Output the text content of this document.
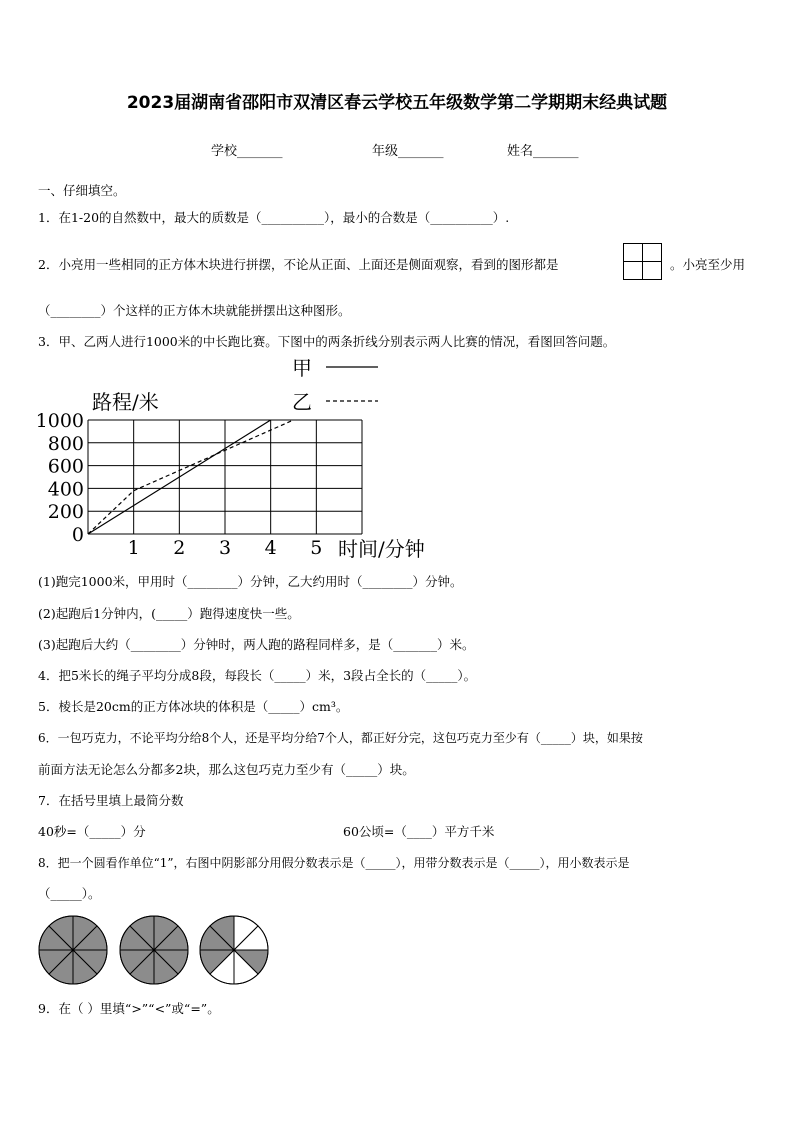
2023届湖南省邵阳市双清区春云学校五年级数学第二学期期末经典试题
学校_______	年级_______	姓名_______
一、仔细填空。
1．在1-20的自然数中，最大的质数是（__________），最小的合数是（__________）.
2．小亮用一些相同的正方体木块进行拼摆，不论从正面、上面还是侧面观察，看到的图形都是	。小亮至少用
（________）个这样的正方体木块就能拼摆出这种图形。
3．甲、乙两人进行1000米的中长跑比赛。下图中的两条折线分别表示两人比赛的情况，看图回答问题。
0
200
400
600
800
1000
1 2 3 4 5
路程/米
时间/分钟
甲
乙
(1)跑完1000米，甲用时（________）分钟，乙大约用时（________）分钟。
(2)起跑后1分钟内，(_____）跑得速度快一些。
(3)起跑后大约（________）分钟时，两人跑的路程同样多，是（_______）米。
4．把5米长的绳子平均分成8段，每段长（_____）米，3段占全长的（_____）。
5．棱长是20cm的正方体冰块的体积是（_____）cm³。
6．一包巧克力，不论平均分给8个人，还是平均分给7个人，都正好分完，这包巧克力至少有（_____）块，如果按
前面方法无论怎么分都多2块，那么这包巧克力至少有（_____）块。
7．在括号里填上最简分数
40秒=（_____）分	60公顷=（____）平方千米
8．把一个圆看作单位“1”，右图中阴影部分用假分数表示是（_____），用带分数表示是（_____），用小数表示是
（_____）。
9．在（ ）里填“>”“<”或“=”。
